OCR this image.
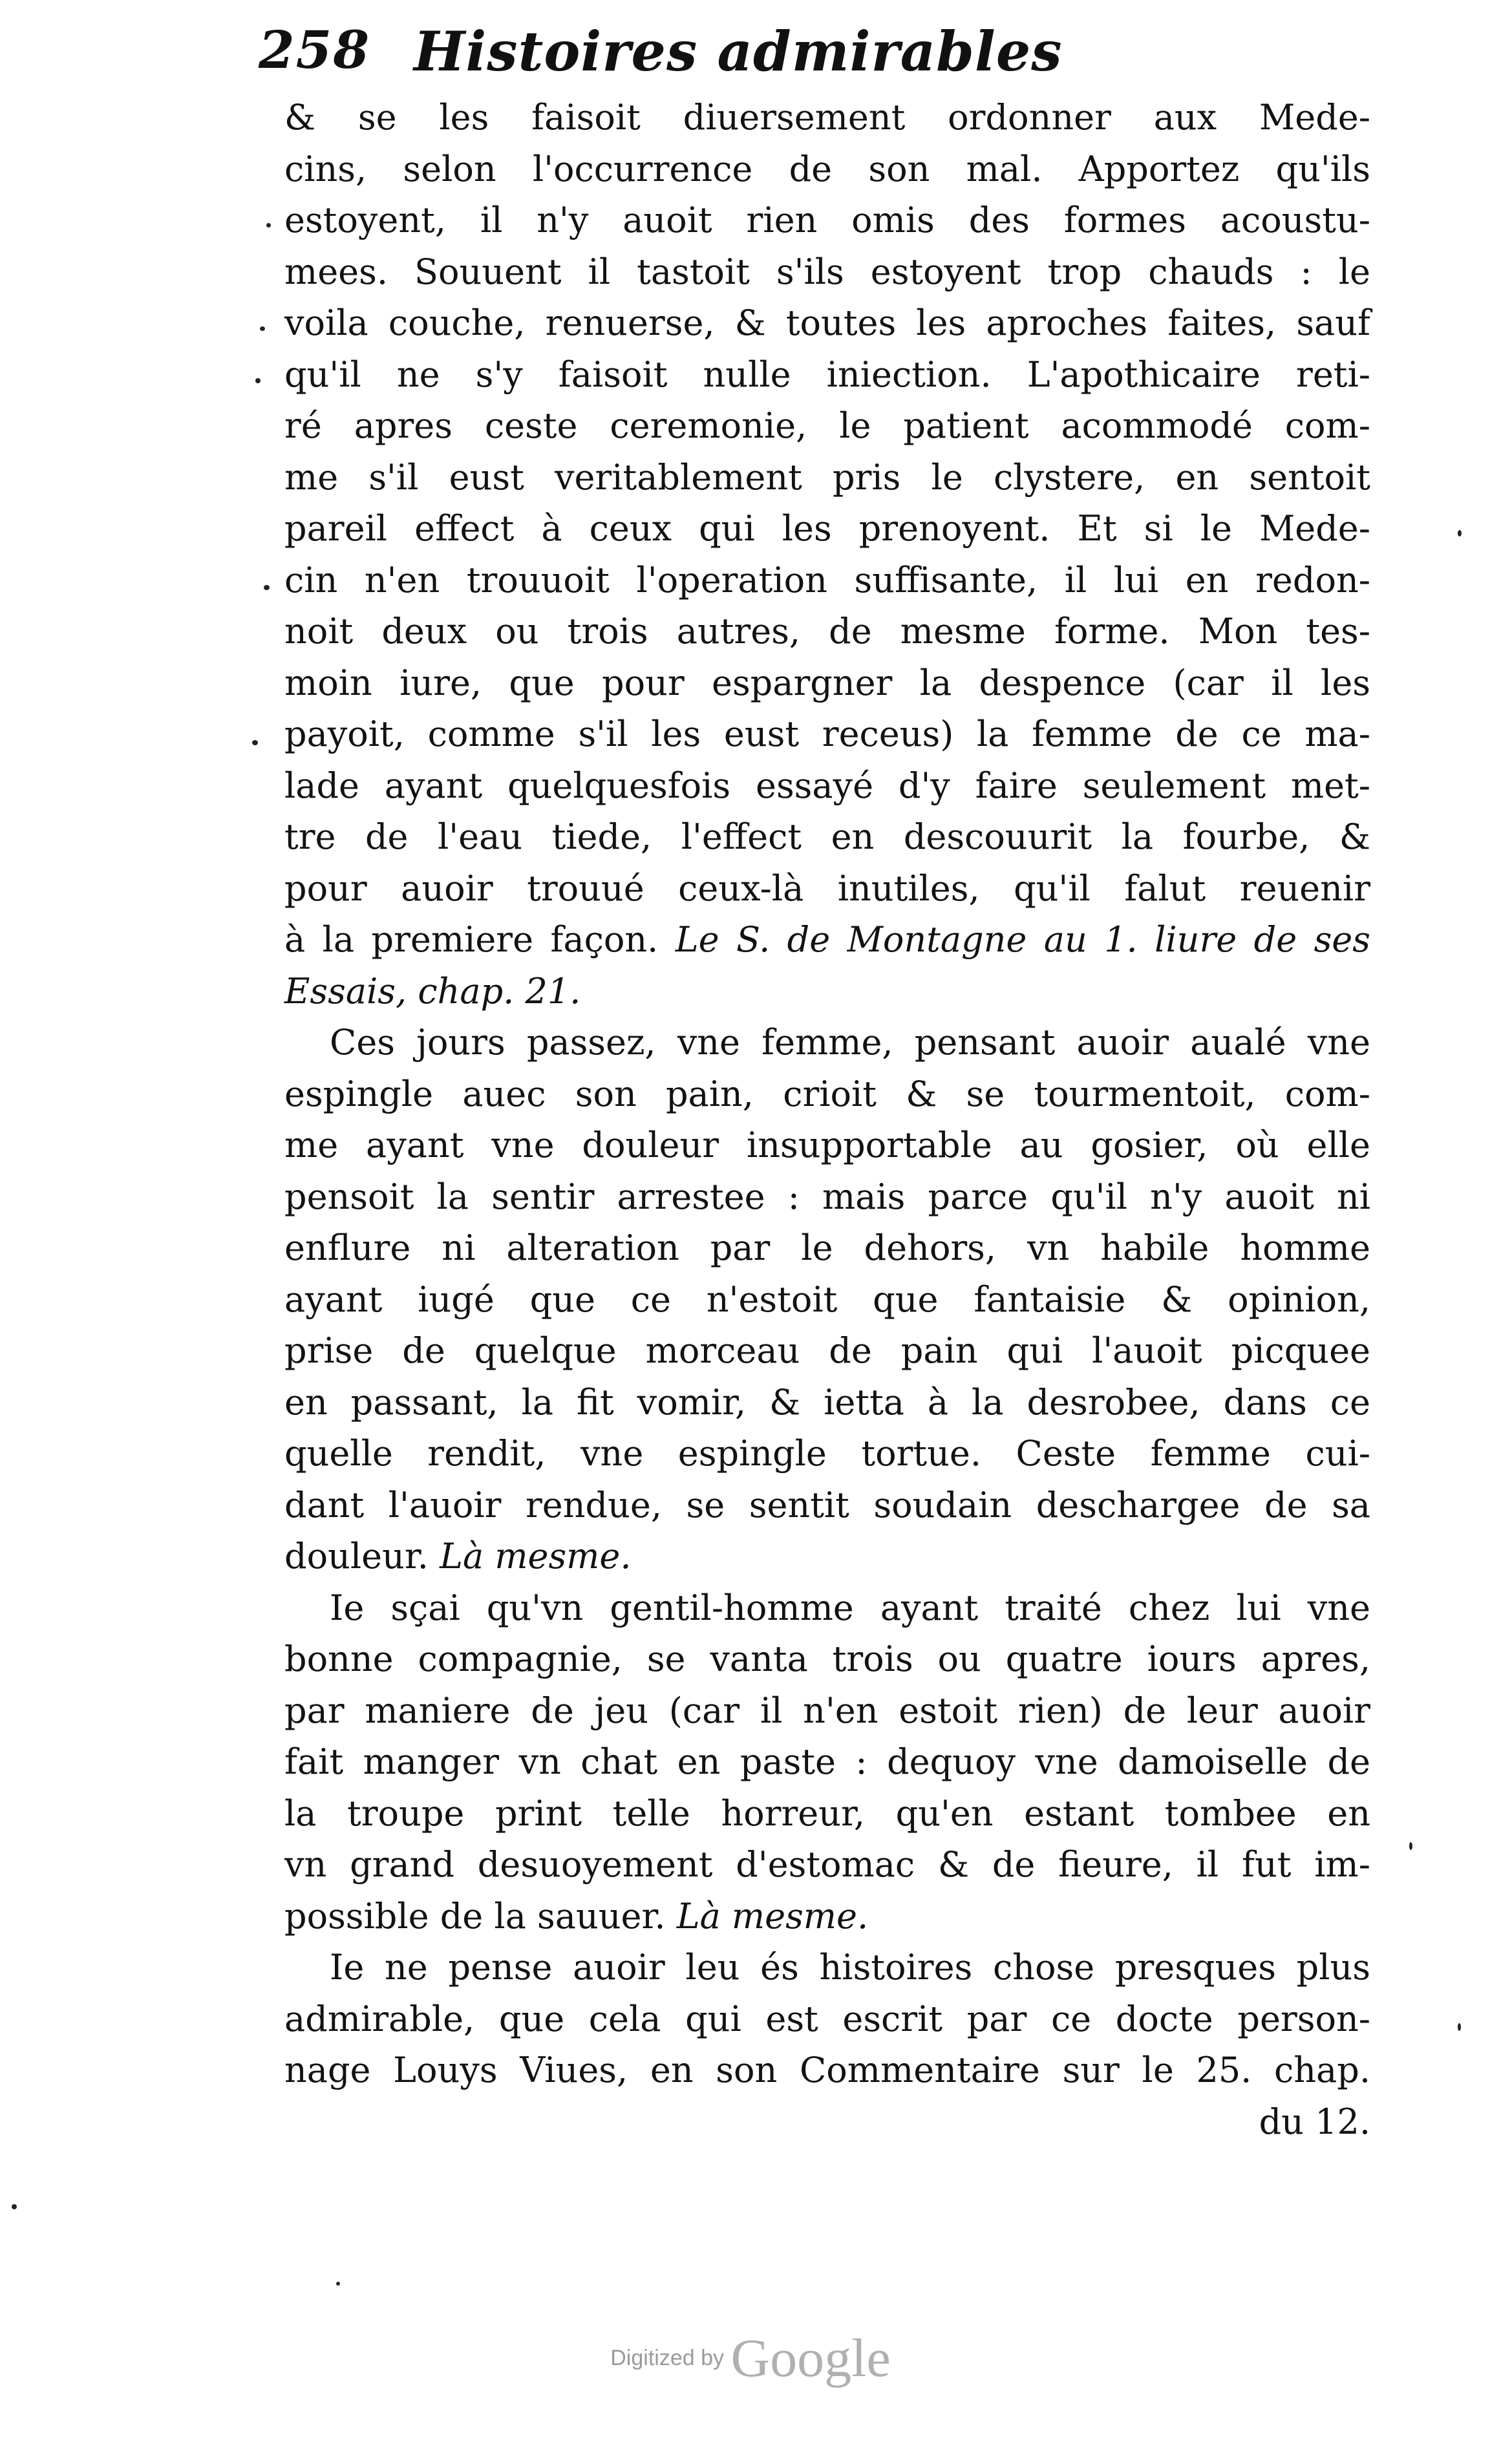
258 Histoires admirables
& se les faisoit diuersement ordonner aux Mede-
cins, selon l'occurrence de son mal. Apportez qu'ils
estoyent, il n'y auoit rien omis des formes acoustu-
mees. Souuent il tastoit s'ils estoyent trop chauds : le
voila couche, renuerse, & toutes les aproches faites, sauf
qu'il ne s'y faisoit nulle iniection. L'apothicaire reti-
ré apres ceste ceremonie, le patient acommodé com-
me s'il eust veritablement pris le clystere, en sentoit
pareil effect à ceux qui les prenoyent. Et si le Mede-
cin n'en trouuoit l'operation suffisante, il lui en redon-
noit deux ou trois autres, de mesme forme. Mon tes-
moin iure, que pour espargner la despence (car il les
payoit, comme s'il les eust receus) la femme de ce ma-
lade ayant quelquesfois essayé d'y faire seulement met-
tre de l'eau tiede, l'effect en descouurit la fourbe, &
pour auoir trouué ceux-là inutiles, qu'il falut reuenir
à la premiere façon. Le S. de Montagne au 1. liure de ses
Essais, chap. 21.
Ces jours passez, vne femme, pensant auoir aualé vne
espingle auec son pain, crioit & se tourmentoit, com-
me ayant vne douleur insupportable au gosier, où elle
pensoit la sentir arrestee : mais parce qu'il n'y auoit ni
enflure ni alteration par le dehors, vn habile homme
ayant iugé que ce n'estoit que fantaisie & opinion,
prise de quelque morceau de pain qui l'auoit picquee
en passant, la fit vomir, & ietta à la desrobee, dans ce
quelle rendit, vne espingle tortue. Ceste femme cui-
dant l'auoir rendue, se sentit soudain deschargee de sa
douleur. Là mesme.
Ie sçai qu'vn gentil-homme ayant traité chez lui vne
bonne compagnie, se vanta trois ou quatre iours apres,
par maniere de jeu (car il n'en estoit rien) de leur auoir
fait manger vn chat en paste : dequoy vne damoiselle de
la troupe print telle horreur, qu'en estant tombee en
vn grand desuoyement d'estomac & de fieure, il fut im-
possible de la sauuer. Là mesme.
Ie ne pense auoir leu és histoires chose presques plus
admirable, que cela qui est escrit par ce docte person-
nage Louys Viues, en son Commentaire sur le 25. chap.
du 12.
Digitized by Google
